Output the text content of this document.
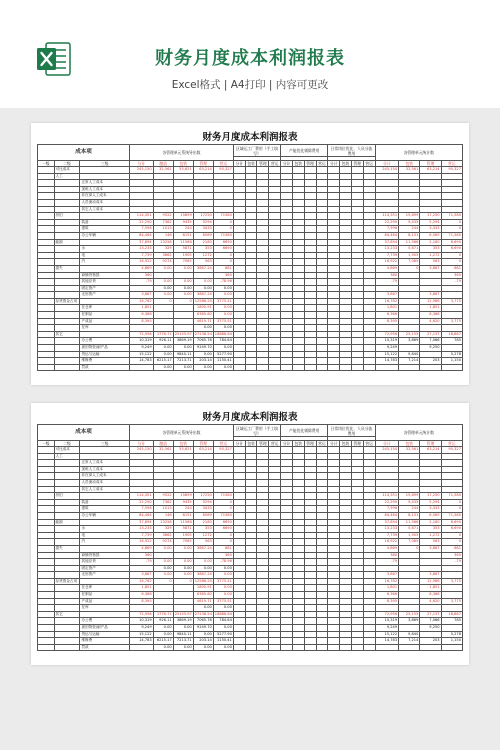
财务月度成本利润报表
Excel格式 | A4打印 | 内容可更改
财务月度成本利润报表
成本项			各管理单元系统导出数					区域运工厂费用（手工填写）				产能优化剔除费用				日常岗位优化、人员分流费用				各管理单元统计数			

一级	二级	三级	分计	酿造	包装	管理	营运	分计	包装	管理	营运	分计	包装	管理	营运	分计	包装	管理	营运	分计	包装	管理	营运
	可比成本		245,150	32,561	55,621	63,214	95,327													245,150	32,561	63,214	95,327
	人工																						
		正常人工成本																					
		加班人工成本																					
		非在岗人工成本																					
		人员流动成本																					
		其它人工成本																					
	折旧		114,351	9522	15899	17250	71580													114,351	15,899	17,250	71,580
		装备	22,290	7362	9435	5294	0													22,290	9,435	5,294	0
		建筑	7,596	1013	244	3433	0													7,596	244	3,433	0
		办公车辆	84,464	146	6151	6569	71580													84,464	6,151	6,569	71,580
	能源		37,894	13256	11566	2180	6690													37,894	11,566	2,180	6,690
		水	13,233	329	5871	353	6690													13,233	5,871	353	6,690
		电	7,739	3662	1905	1272	0													7,739	1,905	1,272	0
		汽	16,922	9274	7085	563	0													16,922	7,085	563	0
	损失		4,869	0.00	0.00	3867.24	681													4,869	0	3,867	681
		商铺货物损	360				360													360			360
		其他存货	-79	0.00	0.00	0.00	-78.96													-79			-79
		固定资产		0.00	0.00	0.00	0.00																
		无形资产	3,867	0.00	0.00	3867.24	0.00													3,867		3,867	
	存货资金占用		16,762	0	0	12986.20	3775.51													16,762		12,986	3,775
		在仓库	1,801			1800.91	0.00													1,801		1,801	
		在制品	6,366			6365.60	0.00													6,366		6,366	
		产成品	8,395			4619.71	3775.51													8,395		4,620	3,775
		在库				0.00	0.00																
	其它		72,956	1776.71	25155.97	27136.54	18886.64													72,956	25,155	27,137	18,887
		办公费	10,319	926.11	3869.19	7065.78	784.64													10,319	3,869	7,066	785
		废旧物资/副产品	9,249	0.00	0.00	9249.70	0.00													9,249		9,250	
		货运与运输	15,122	0.00	9840.11	0.00	5277.90													15,122	9,840		5,278
		维修费	14,783	6215.17	7213.71	203.14	1150.41													14,783	7,214	203	1,150
		罚款		0.00	0.00	0.00	0.00																
财务月度成本利润报表
成本项			各管理单元系统导出数					区域运工厂费用（手工填写）				产能优化剔除费用				日常岗位优化、人员分流费用				各管理单元统计数			

一级	二级	三级	分计	酿造	包装	管理	营运	分计	包装	管理	营运	分计	包装	管理	营运	分计	包装	管理	营运	分计	包装	管理	营运
	可比成本		245,150	32,561	55,621	63,214	95,327													245,150	32,561	63,214	95,327
	人工																						
		正常人工成本																					
		加班人工成本																					
		非在岗人工成本																					
		人员流动成本																					
		其它人工成本																					
	折旧		114,351	9522	15899	17250	71580													114,351	15,899	17,250	71,580
		装备	22,290	7362	9435	5294	0													22,290	9,435	5,294	0
		建筑	7,596	1013	244	3433	0													7,596	244	3,433	0
		办公车辆	84,464	146	6151	6569	71580													84,464	6,151	6,569	71,580
	能源		37,894	13256	11566	2180	6690													37,894	11,566	2,180	6,690
		水	13,233	329	5871	353	6690													13,233	5,871	353	6,690
		电	7,739	3662	1905	1272	0													7,739	1,905	1,272	0
		汽	16,922	9274	7085	563	0													16,922	7,085	563	0
	损失		4,869	0.00	0.00	3867.24	681													4,869	0	3,867	681
		商铺货物损	360				360													360			360
		其他存货	-79	0.00	0.00	0.00	-78.96													-79			-79
		固定资产		0.00	0.00	0.00	0.00																
		无形资产	3,867	0.00	0.00	3867.24	0.00													3,867		3,867	
	存货资金占用		16,762	0	0	12986.20	3775.51													16,762		12,986	3,775
		在仓库	1,801			1800.91	0.00													1,801		1,801	
		在制品	6,366			6365.60	0.00													6,366		6,366	
		产成品	8,395			4619.71	3775.51													8,395		4,620	3,775
		在库				0.00	0.00																
	其它		72,956	1776.71	25155.97	27136.54	18886.64													72,956	25,155	27,137	18,887
		办公费	10,319	926.11	3869.19	7065.78	784.64													10,319	3,869	7,066	785
		废旧物资/副产品	9,249	0.00	0.00	9249.70	0.00													9,249		9,250	
		货运与运输	15,122	0.00	9840.11	0.00	5277.90													15,122	9,840		5,278
		维修费	14,783	6215.17	7213.71	203.14	1150.41													14,783	7,214	203	1,150
		罚款		0.00	0.00	0.00	0.00																
